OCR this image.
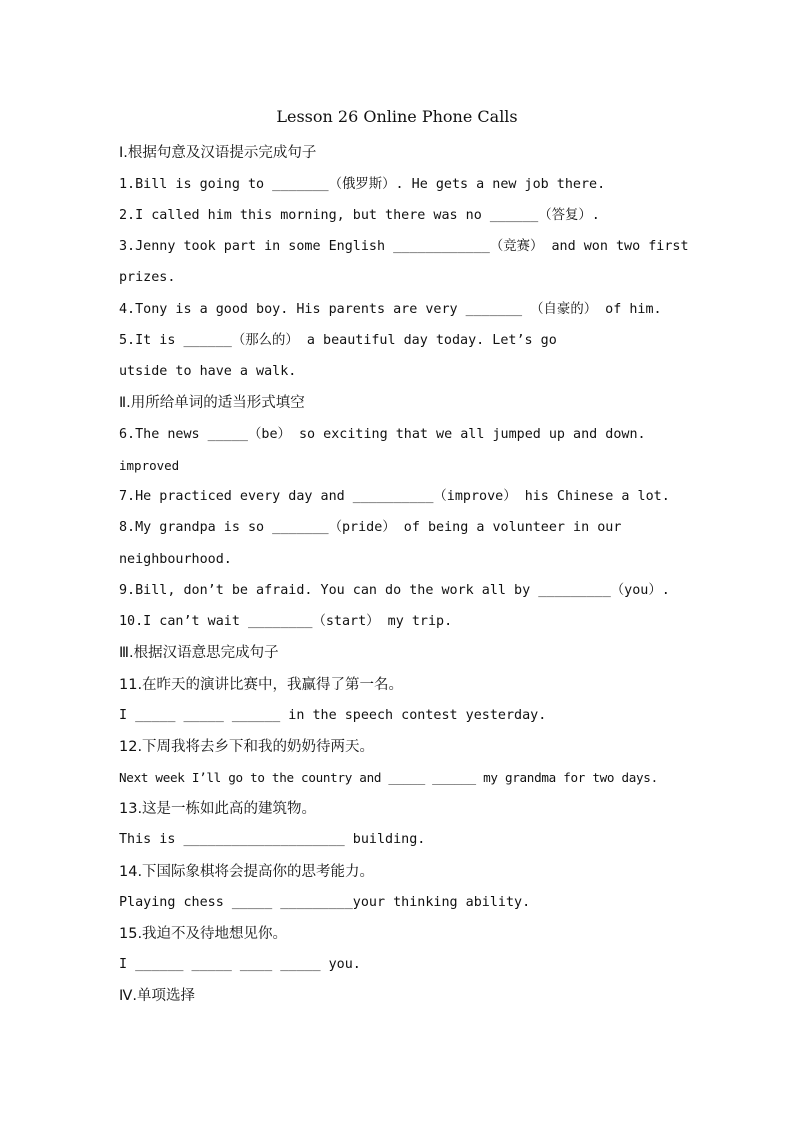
Lesson 26 Online Phone Calls
Ⅰ.根据句意及汉语提示完成句子
1.Bill is going to _______（俄罗斯）. He gets a new job there.
2.I called him this morning, but there was no ______（答复）.
3.Jenny took part in some English ____________（竞赛） and won two first
prizes.
4.Tony is a good boy. His parents are very _______ （自豪的） of him.
5.It is ______（那么的） a beautiful day today. Let’s go
utside to have a walk.
Ⅱ.用所给单词的适当形式填空
6.The news _____（be） so exciting that we all jumped up and down.
improved
7.He practiced every day and __________（improve） his Chinese a lot.
8.My grandpa is so _______（pride） of being a volunteer in our
neighbourhood.
9.Bill, don’t be afraid. You can do the work all by _________（you）.
10.I can’t wait ________（start） my trip.
Ⅲ.根据汉语意思完成句子
11.在昨天的演讲比赛中，我赢得了第一名。
I _____ _____ ______ in the speech contest yesterday.
12.下周我将去乡下和我的奶奶待两天。
Next week I’ll go to the country and _____ ______ my grandma for two days.
13.这是一栋如此高的建筑物。
This is ____________________ building.
14.下国际象棋将会提高你的思考能力。
Playing chess _____ _________your thinking ability.
15.我迫不及待地想见你。
I ______ _____ ____ _____ you.
Ⅳ.单项选择
